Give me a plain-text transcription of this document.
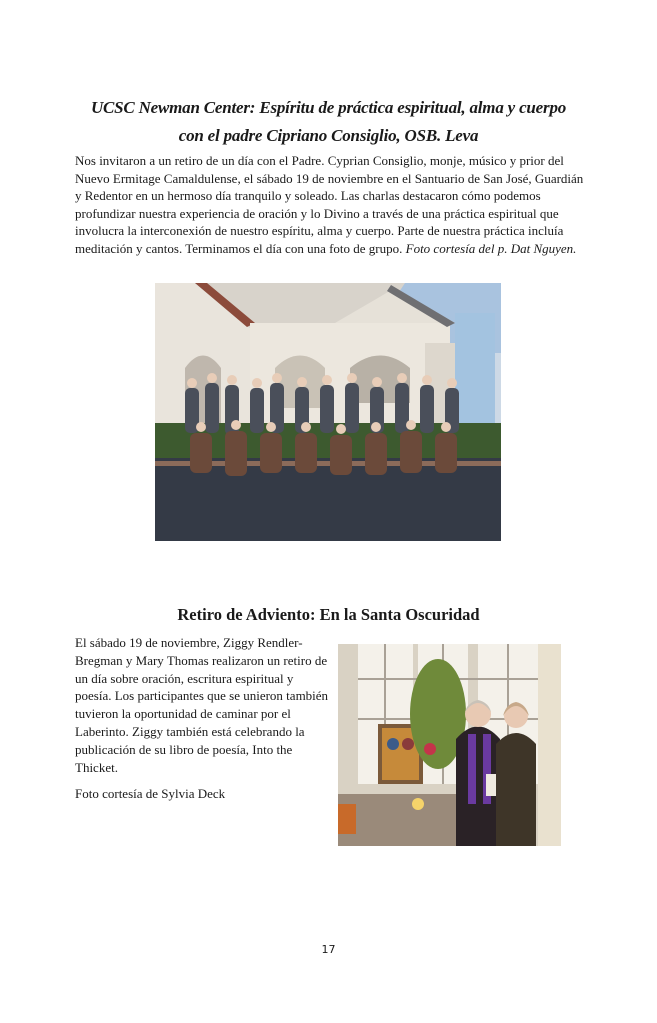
UCSC Newman Center: Espíritu de práctica espiritual, alma y cuerpo
con el padre Cipriano Consiglio, OSB. Leva
Nos invitaron a un retiro de un día con el Padre. Cyprian Consiglio, monje, músico y prior del Nuevo Ermitage Camaldulense, el sábado 19 de noviembre en el Santuario de San José, Guardián y Redentor en un hermoso día tranquilo y soleado. Las charlas destacaron cómo podemos profundizar nuestra experiencia de oración y lo Divino a través de una práctica espiritual que involucra la interconexión de nuestro espíritu, alma y cuerpo. Parte de nuestra práctica incluía meditación y cantos. Terminamos el día con una foto de grupo. Foto cortesía del p. Dat Nguyen.
Retiro de Adviento: En la Santa Oscuridad
El sábado 19 de noviembre, Ziggy Rendler-Bregman y Mary Thomas realizaron un retiro de un día sobre oración, escritura espiritual y poesía. Los participantes que se unieron también tuvieron la oportunidad de caminar por el Laberinto. Ziggy también está celebrando la publicación de su libro de poesía, Into the Thicket.
Foto cortesía de Sylvia Deck
17
